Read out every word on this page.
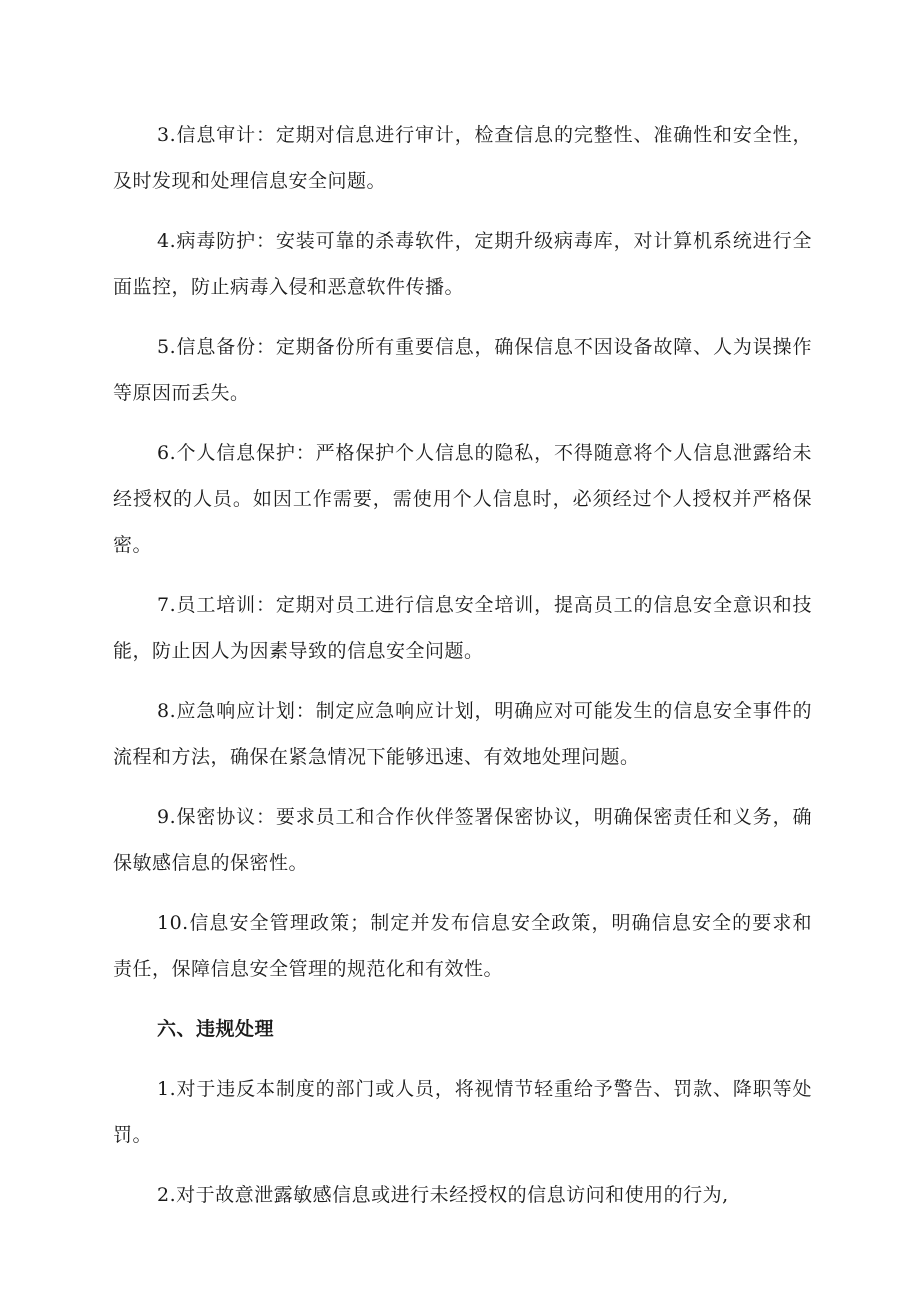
3.信息审计：定期对信息进行审计，检查信息的完整性、准确性和安全性，及时发现和处理信息安全问题。

4.病毒防护：安装可靠的杀毒软件，定期升级病毒库，对计算机系统进行全面监控，防止病毒入侵和恶意软件传播。

5.信息备份：定期备份所有重要信息，确保信息不因设备故障、人为误操作等原因而丢失。

6.个人信息保护：严格保护个人信息的隐私，不得随意将个人信息泄露给未经授权的人员。如因工作需要，需使用个人信息时，必须经过个人授权并严格保密。

7.员工培训：定期对员工进行信息安全培训，提高员工的信息安全意识和技能，防止因人为因素导致的信息安全问题。

8.应急响应计划：制定应急响应计划，明确应对可能发生的信息安全事件的流程和方法，确保在紧急情况下能够迅速、有效地处理问题。

9.保密协议：要求员工和合作伙伴签署保密协议，明确保密责任和义务，确保敏感信息的保密性。

10.信息安全管理政策；制定并发布信息安全政策，明确信息安全的要求和责任，保障信息安全管理的规范化和有效性。

六、违规处理

1.对于违反本制度的部门或人员，将视情节轻重给予警告、罚款、降职等处罚。

2.对于故意泄露敏感信息或进行未经授权的信息访问和使用的行为,
